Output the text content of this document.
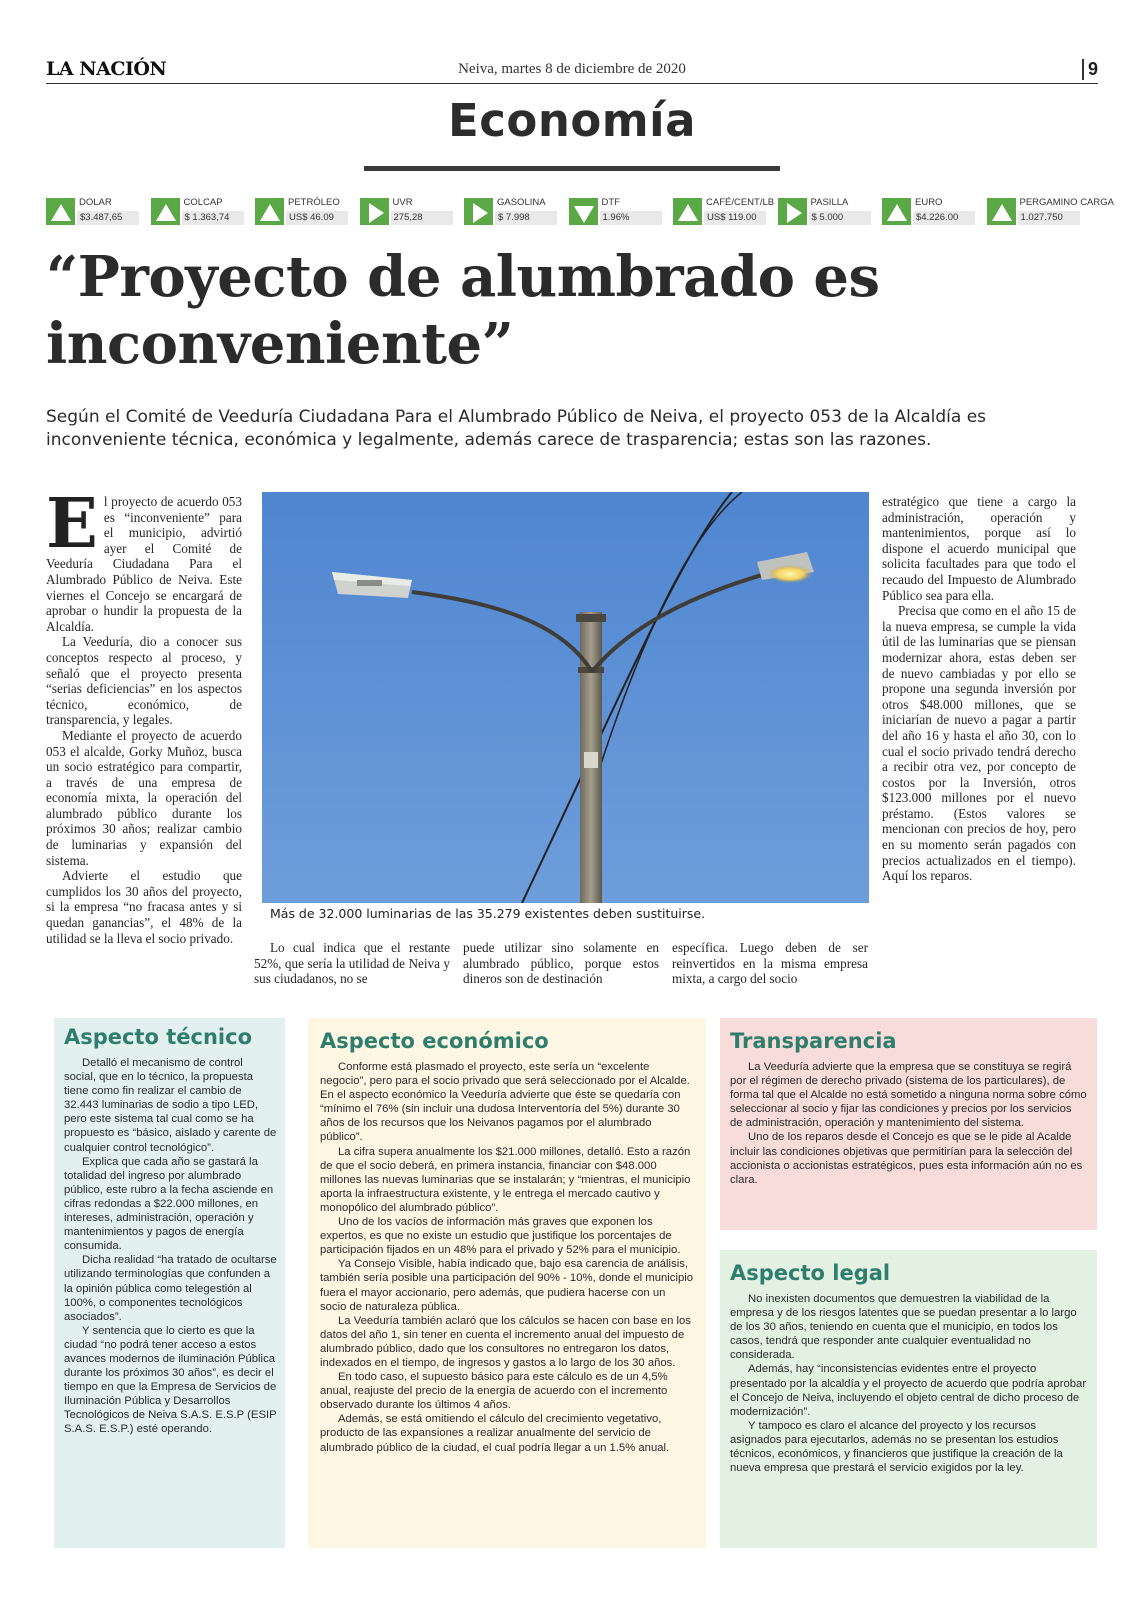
LA NACIÓN	Neiva, martes 8 de diciembre de 2020	9
Economía
DOLAR
$3.487,65
COLCAP
$ 1.363,74
PETRÓLEO
US$ 46.09
UVR
275,28
GASOLINA
$ 7.998
DTF
1.96%
CAFÉ/CENT/LB
US$ 119.00
PASILLA
$ 5.000
EURO
$4.226.00
PERGAMINO CARGA
1.027.750
“Proyecto de alumbrado es inconveniente”
Según el Comité de Veeduría Ciudadana Para el Alumbrado Público de Neiva, el proyecto 053 de la Alcaldía es inconveniente técnica, económica y legalmente, además carece de trasparencia; estas son las razones.
E l proyecto de acuerdo 053 es “inconveniente” para el municipio, advirtió ayer el Comité de Veeduría Ciudadana Para el Alumbrado Público de Neiva. Este viernes el Concejo se encargará de aprobar o hundir la propuesta de la Alcaldía.

La Veeduría, dio a conocer sus conceptos respecto al proceso, y señaló que el proyecto presenta “serias deficiencias” en los aspectos técnico, económico, de transparencia, y legales.

Mediante el proyecto de acuerdo 053 el alcalde, Gorky Muñoz, busca un socio estratégico para compartir, a través de una empresa de economía mixta, la operación del alumbrado público durante los próximos 30 años; realizar cambio de luminarias y expansión del sistema.

Advierte el estudio que cumplidos los 30 años del proyecto, si la empresa “no fracasa antes y si quedan ganancias”, el 48% de la utilidad se la lleva el socio privado.

Más de 32.000 luminarias de las 35.279 existentes deben sustituirse.

Lo cual indica que el restante 52%, que sería la utilidad de Neiva y sus ciudadanos, no se

puede utilizar sino solamente en alumbrado público, porque estos dineros son de destinación

específica. Luego deben de ser reinvertidos en la misma empresa mixta, a cargo del socio

estratégico que tiene a cargo la administración, operación y mantenimientos, porque así lo dispone el acuerdo municipal que solicita facultades para que todo el recaudo del Impuesto de Alumbrado Público sea para ella.

Precisa que como en el año 15 de la nueva empresa, se cumple la vida útil de las luminarias que se piensan modernizar ahora, estas deben ser de nuevo cambiadas y por ello se propone una segunda inversión por otros $48.000 millones, que se iniciarían de nuevo a pagar a partir del año 16 y hasta el año 30, con lo cual el socio privado tendrá derecho a recibir otra vez, por concepto de costos por la Inversión, otros $123.000 millones por el nuevo préstamo. (Estos valores se mencionan con precios de hoy, pero en su momento serán pagados con precios actualizados en el tiempo). Aquí los reparos.

Aspecto técnico

Detalló el mecanismo de control social, que en lo técnico, la propuesta tiene como fin realizar el cambio de 32.443 luminarias de sodio a tipo LED, pero este sistema tal cual como se ha propuesto es “básico, aislado y carente de cualquier control tecnológico”.

Explica que cada año se gastará la totalidad del ingreso por alumbrado público, este rubro a la fecha asciende en cifras redondas a $22.000 millones, en intereses, administración, operación y mantenimientos y pagos de energía consumida.

Dicha realidad “ha tratado de ocultarse utilizando terminologías que confunden a la opinión pública como telegestión al 100%, o componentes tecnológicos asociados”.

Y sentencia que lo cierto es que la ciudad “no podrá tener acceso a estos avances modernos de iluminación Pública durante los próximos 30 años”, es decir el tiempo en que la Empresa de Servicios de Iluminación Pública y Desarrollos Tecnológicos de Neiva S.A.S. E.S.P (ESIP S.A.S. E.S.P.) esté operando.

Aspecto económico

Conforme está plasmado el proyecto, este sería un “excelente negocio”, pero para el socio privado que será seleccionado por el Alcalde. En el aspecto económico la Veeduría advierte que éste se quedaría con “mínimo el 76% (sin incluir una dudosa Interventoría del 5%) durante 30 años de los recursos que los Neivanos pagamos por el alumbrado público”.

La cifra supera anualmente los $21.000 millones, detalló. Esto a razón de que el socio deberá, en primera instancia, financiar con $48.000 millones las nuevas luminarias que se instalarán; y “mientras, el municipio aporta la infraestructura existente, y le entrega el mercado cautivo y monopólico del alumbrado público”.

Uno de los vacíos de información más graves que exponen los expertos, es que no existe un estudio que justifique los porcentajes de participación fijados en un 48% para el privado y 52% para el municipio.

Ya Consejo Visible, había indicado que, bajo esa carencia de análisis, también sería posible una participación del 90% - 10%, donde el municipio fuera el mayor accionario, pero además, que pudiera hacerse con un socio de naturaleza pública.

La Veeduría también aclaró que los cálculos se hacen con base en los datos del año 1, sin tener en cuenta el incremento anual del impuesto de alumbrado público, dado que los consultores no entregaron los datos, indexados en el tiempo, de ingresos y gastos a lo largo de los 30 años.

En todo caso, el supuesto básico para este cálculo es de un 4,5% anual, reajuste del precio de la energía de acuerdo con el incremento observado durante los últimos 4 años.

Además, se está omitiendo el cálculo del crecimiento vegetativo, producto de las expansiones a realizar anualmente del servicio de alumbrado público de la ciudad, el cual podría llegar a un 1.5% anual.

Transparencia

La Veeduría advierte que la empresa que se constituya se regirá por el régimen de derecho privado (sistema de los particulares), de forma tal que el Alcalde no está sometido a ninguna norma sobre cómo seleccionar al socio y fijar las condiciones y precios por los servicios de administración, operación y mantenimiento del sistema.

Uno de los reparos desde el Concejo es que se le pide al Acalde incluir las condiciones objetivas que permitirían para la selección del accionista o accionistas estratégicos, pues esta información aún no es clara.

Aspecto legal

No inexisten documentos que demuestren la viabilidad de la empresa y de los riesgos latentes que se puedan presentar a lo largo de los 30 años, teniendo en cuenta que el municipio, en todos los casos, tendrá que responder ante cualquier eventualidad no considerada.

Además, hay “inconsistencias evidentes entre el proyecto presentado por la alcaldía y el proyecto de acuerdo que podría aprobar el Concejo de Neiva, incluyendo el objeto central de dicho proceso de modernización”.

Y tampoco es claro el alcance del proyecto y los recursos asignados para ejecutarlos, además no se presentan los estudios técnicos, económicos, y financieros que justifique la creación de la nueva empresa que prestará el servicio exigidos por la ley.
